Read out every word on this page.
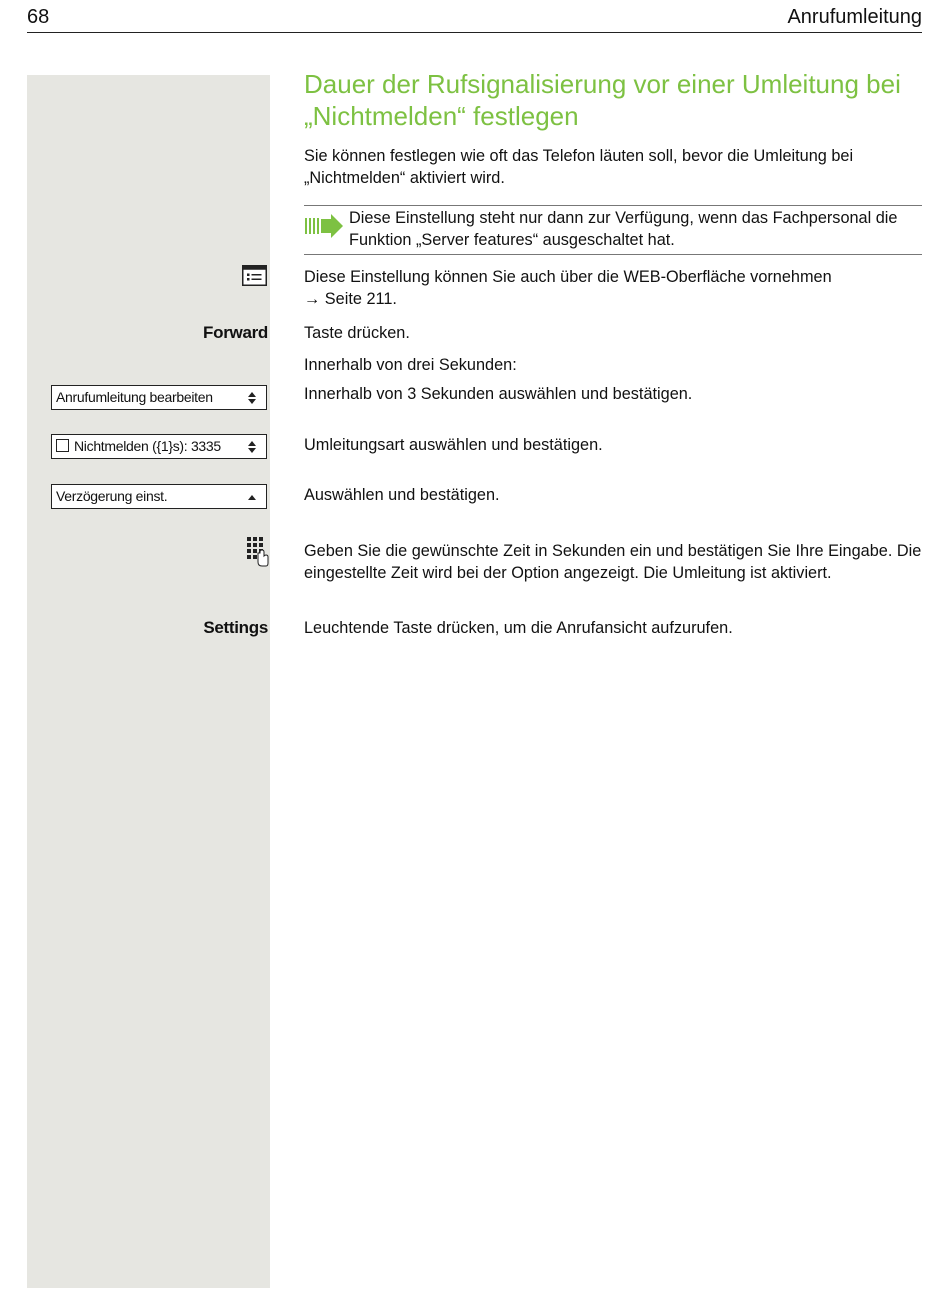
68	Anrufumleitung
Dauer der Rufsignalisierung vor einer Umleitung bei „Nichtmelden“ festlegen
Sie können festlegen wie oft das Telefon läuten soll, bevor die Umleitung bei „Nichtmelden“ aktiviert wird.
Diese Einstellung steht nur dann zur Verfügung, wenn das Fachpersonal die Funktion „Server features“ ausgeschaltet hat.
Diese Einstellung können Sie auch über die WEB-Oberfläche vornehmen
→ Seite 211.
Forward Taste drücken.
Innerhalb von drei Sekunden:
Anrufumleitung bearbeiten	Innerhalb von 3 Sekunden auswählen und bestätigen.
Nichtmelden ({1}s): 3335	Umleitungsart auswählen und bestätigen.
Verzögerung einst.	Auswählen und bestätigen.
Geben Sie die gewünschte Zeit in Sekunden ein und bestätigen Sie Ihre Eingabe. Die eingestellte Zeit wird bei der Option angezeigt. Die Umleitung ist aktiviert.
Settings Leuchtende Taste drücken, um die Anrufansicht aufzurufen.
